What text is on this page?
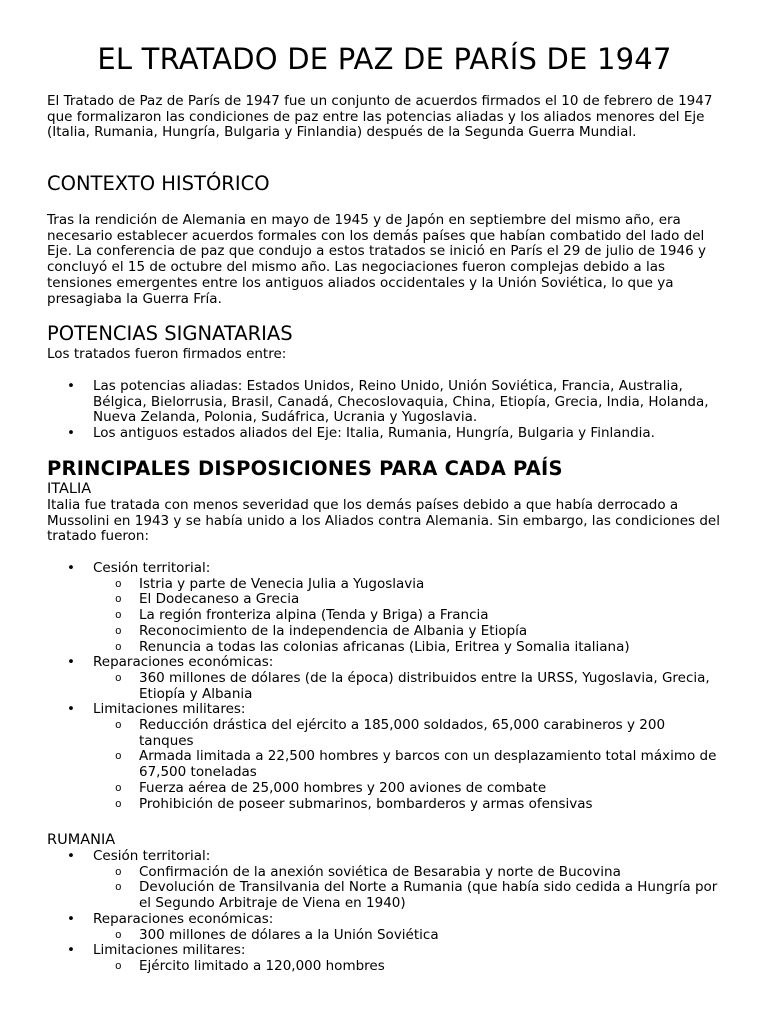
EL TRATADO DE PAZ DE PARÍS DE 1947

El Tratado de Paz de París de 1947 fue un conjunto de acuerdos firmados el 10 de febrero de 1947 que formalizaron las condiciones de paz entre las potencias aliadas y los aliados menores del Eje (Italia, Rumania, Hungría, Bulgaria y Finlandia) después de la Segunda Guerra Mundial.

CONTEXTO HISTÓRICO

Tras la rendición de Alemania en mayo de 1945 y de Japón en septiembre del mismo año, era necesario establecer acuerdos formales con los demás países que habían combatido del lado del Eje. La conferencia de paz que condujo a estos tratados se inició en París el 29 de julio de 1946 y concluyó el 15 de octubre del mismo año. Las negociaciones fueron complejas debido a las tensiones emergentes entre los antiguos aliados occidentales y la Unión Soviética, lo que ya presagiaba la Guerra Fría.

POTENCIAS SIGNATARIAS

Los tratados fueron firmados entre:

• Las potencias aliadas: Estados Unidos, Reino Unido, Unión Soviética, Francia, Australia, Bélgica, Bielorrusia, Brasil, Canadá, Checoslovaquia, China, Etiopía, Grecia, India, Holanda, Nueva Zelanda, Polonia, Sudáfrica, Ucrania y Yugoslavia.
• Los antiguos estados aliados del Eje: Italia, Rumania, Hungría, Bulgaria y Finlandia.
PRINCIPALES DISPOSICIONES PARA CADA PAÍS
ITALIA

Italia fue tratada con menos severidad que los demás países debido a que había derrocado a Mussolini en 1943 y se había unido a los Aliados contra Alemania. Sin embargo, las condiciones del tratado fueron:

• Cesión territorial:
o Istria y parte de Venecia Julia a Yugoslavia
o El Dodecaneso a Grecia
o La región fronteriza alpina (Tenda y Briga) a Francia
o Reconocimiento de la independencia de Albania y Etiopía
o Renuncia a todas las colonias africanas (Libia, Eritrea y Somalia italiana)
• Reparaciones económicas:
o 360 millones de dólares (de la época) distribuidos entre la URSS, Yugoslavia, Grecia, Etiopía y Albania
• Limitaciones militares:
o Reducción drástica del ejército a 185,000 soldados, 65,000 carabineros y 200 tanques
o Armada limitada a 22,500 hombres y barcos con un desplazamiento total máximo de 67,500 toneladas
o Fuerza aérea de 25,000 hombres y 200 aviones de combate
o Prohibición de poseer submarinos, bombarderos y armas ofensivas
RUMANIA
• Cesión territorial:
o Confirmación de la anexión soviética de Besarabia y norte de Bucovina
o Devolución de Transilvania del Norte a Rumania (que había sido cedida a Hungría por el Segundo Arbitraje de Viena en 1940)
• Reparaciones económicas:
o 300 millones de dólares a la Unión Soviética
• Limitaciones militares:
o Ejército limitado a 120,000 hombres
